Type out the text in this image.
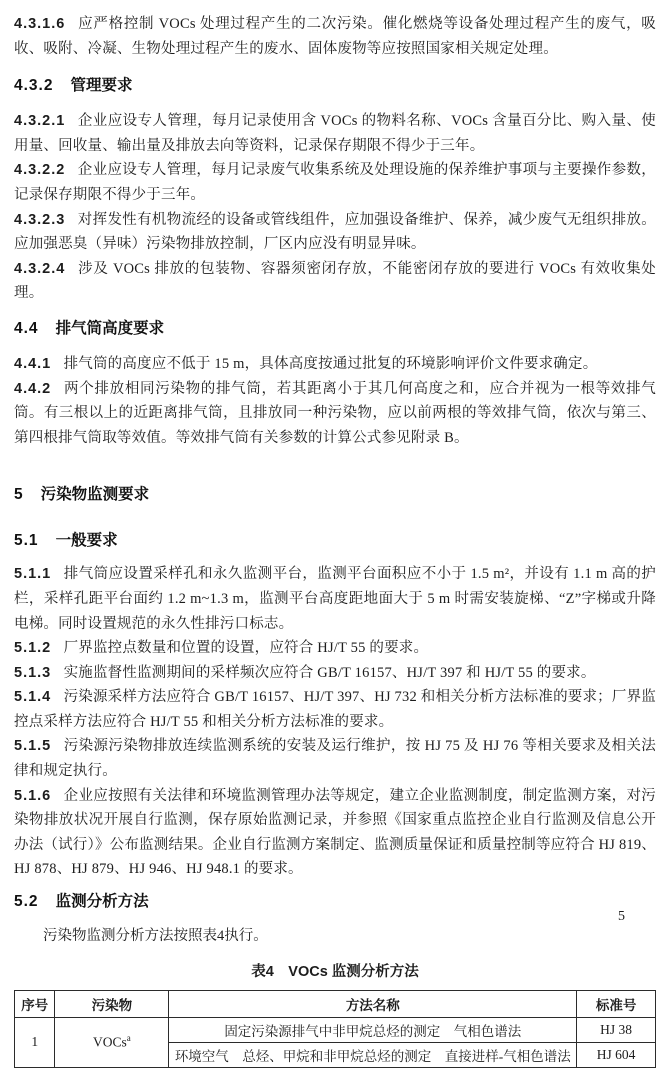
4.3.1.6 应严格控制 VOCs 处理过程产生的二次污染。催化燃烧等设备处理过程产生的废气，吸收、吸附、冷凝、生物处理过程产生的废水、固体废物等应按照国家相关规定处理。

4.3.2 管理要求

4.3.2.1 企业应设专人管理，每月记录使用含 VOCs 的物料名称、VOCs 含量百分比、购入量、使用量、回收量、输出量及排放去向等资料，记录保存期限不得少于三年。

4.3.2.2 企业应设专人管理，每月记录废气收集系统及处理设施的保养维护事项与主要操作参数，记录保存期限不得少于三年。

4.3.2.3 对挥发性有机物流经的设备或管线组件，应加强设备维护、保养，减少废气无组织排放。应加强恶臭（异味）污染物排放控制，厂区内应没有明显异味。

4.3.2.4 涉及 VOCs 排放的包装物、容器须密闭存放，不能密闭存放的要进行 VOCs 有效收集处理。

4.4 排气筒高度要求

4.4.1 排气筒的高度应不低于 15 m，具体高度按通过批复的环境影响评价文件要求确定。

4.4.2 两个排放相同污染物的排气筒，若其距离小于其几何高度之和，应合并视为一根等效排气筒。有三根以上的近距离排气筒，且排放同一种污染物，应以前两根的等效排气筒，依次与第三、第四根排气筒取等效值。等效排气筒有关参数的计算公式参见附录 B。

5 污染物监测要求
5.1 一般要求

5.1.1 排气筒应设置采样孔和永久监测平台，监测平台面积应不小于 1.5 m²，并设有 1.1 m 高的护栏，采样孔距平台面约 1.2 m~1.3 m，监测平台高度距地面大于 5 m 时需安装旋梯、“Z”字梯或升降电梯。同时设置规范的永久性排污口标志。

5.1.2 厂界监控点数量和位置的设置，应符合 HJ/T 55 的要求。

5.1.3 实施监督性监测期间的采样频次应符合 GB/T 16157、HJ/T 397 和 HJ/T 55 的要求。

5.1.4 污染源采样方法应符合 GB/T 16157、HJ/T 397、HJ 732 和相关分析方法标准的要求；厂界监控点采样方法应符合 HJ/T 55 和相关分析方法标准的要求。

5.1.5 污染源污染物排放连续监测系统的安装及运行维护，按 HJ 75 及 HJ 76 等相关要求及相关法律和规定执行。

5.1.6 企业应按照有关法律和环境监测管理办法等规定，建立企业监测制度，制定监测方案，对污染物排放状况开展自行监测，保存原始监测记录，并参照《国家重点监控企业自行监测及信息公开办法（试行）》公布监测结果。企业自行监测方案制定、监测质量保证和质量控制等应符合 HJ 819、HJ 878、HJ 879、HJ 946、HJ 948.1 的要求。

5.2 监测分析方法

污染物监测分析方法按照表4执行。

表4　VOCs 监测分析方法
序号	污染物	方法名称	标准号
1	VOCs$^a$	固定污染源排气中非甲烷总烃的测定　气相色谱法	HJ 38
		环境空气　总烃、甲烷和非甲烷总烃的测定　直接进样-气相色谱法	HJ 604
5
